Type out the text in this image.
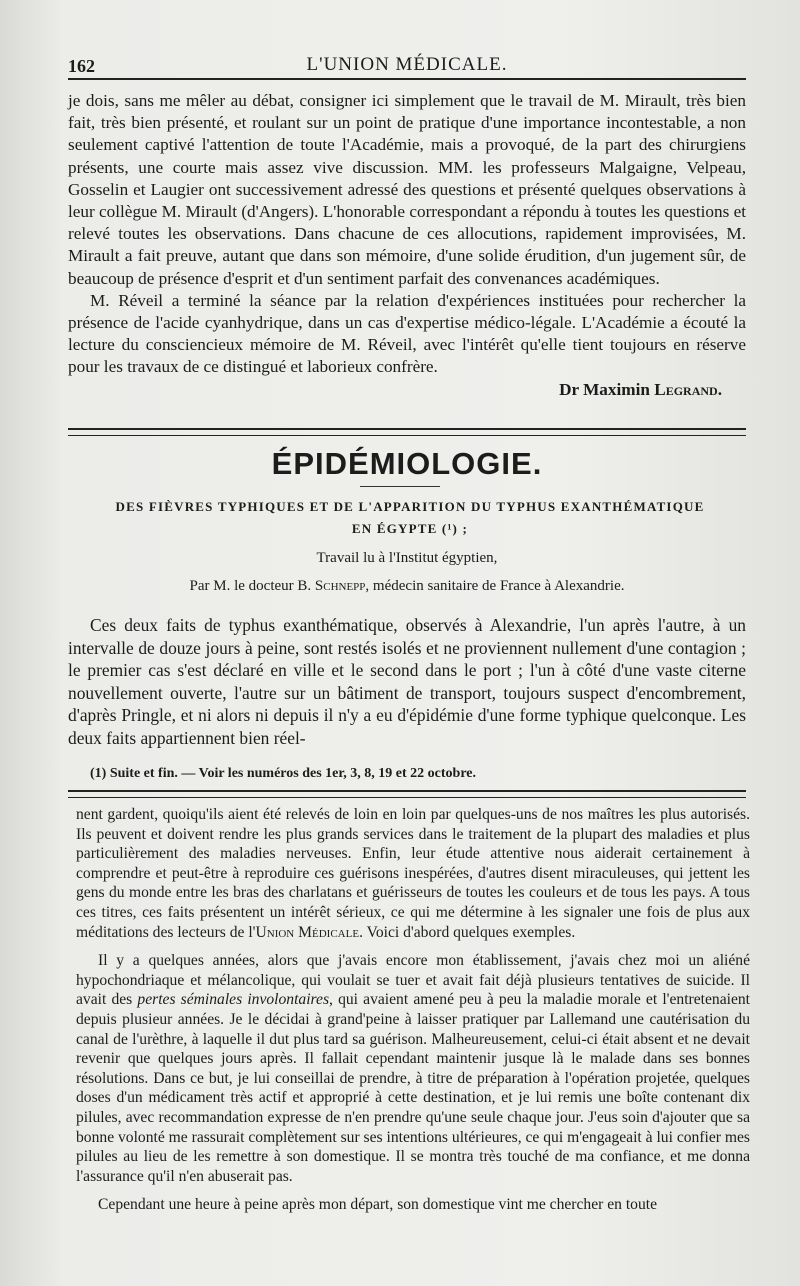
162	L'UNION MÉDICALE.

je dois, sans me mêler au débat, consigner ici simplement que le travail de M. Mirault, très bien fait, très bien présenté, et roulant sur un point de pratique d'une importance incontestable, a non seulement captivé l'attention de toute l'Académie, mais a provoqué, de la part des chirurgiens présents, une courte mais assez vive discussion. MM. les professeurs Malgaigne, Velpeau, Gosselin et Laugier ont successivement adressé des questions et présenté quelques observations à leur collègue M. Mirault (d'Angers). L'honorable correspondant a répondu à toutes les questions et relevé toutes les observations. Dans chacune de ces allocutions, rapidement improvisées, M. Mirault a fait preuve, autant que dans son mémoire, d'une solide érudition, d'un jugement sûr, de beaucoup de présence d'esprit et d'un sentiment parfait des convenances académiques.

M. Réveil a terminé la séance par la relation d'expériences instituées pour rechercher la présence de l'acide cyanhydrique, dans un cas d'expertise médico-légale. L'Académie a écouté la lecture du consciencieux mémoire de M. Réveil, avec l'intérêt qu'elle tient toujours en réserve pour les travaux de ce distingué et laborieux confrère.

Dr Maximin Legrand.

ÉPIDÉMIOLOGIE.
DES FIÈVRES TYPHIQUES ET DE L'APPARITION DU TYPHUS EXANTHÉMATIQUE
EN ÉGYPTE (¹) ;
Travail lu à l'Institut égyptien,
Par M. le docteur B. Schnepp, médecin sanitaire de France à Alexandrie.

Ces deux faits de typhus exanthématique, observés à Alexandrie, l'un après l'autre, à un intervalle de douze jours à peine, sont restés isolés et ne proviennent nullement d'une contagion ; le premier cas s'est déclaré en ville et le second dans le port ; l'un à côté d'une vaste citerne nouvellement ouverte, l'autre sur un bâtiment de transport, toujours suspect d'encombrement, d'après Pringle, et ni alors ni depuis il n'y a eu d'épidémie d'une forme typhique quelconque. Les deux faits appartiennent bien réel-

(1) Suite et fin. — Voir les numéros des 1er, 3, 8, 19 et 22 octobre.

nent gardent, quoiqu'ils aient été relevés de loin en loin par quelques-uns de nos maîtres les plus autorisés. Ils peuvent et doivent rendre les plus grands services dans le traitement de la plupart des maladies et plus particulièrement des maladies nerveuses. Enfin, leur étude attentive nous aiderait certainement à comprendre et peut-être à reproduire ces guérisons inespérées, d'autres disent miraculeuses, qui jettent les gens du monde entre les bras des charlatans et guérisseurs de toutes les couleurs et de tous les pays. A tous ces titres, ces faits présentent un intérêt sérieux, ce qui me détermine à les signaler une fois de plus aux méditations des lecteurs de l'Union Médicale. Voici d'abord quelques exemples.

Il y a quelques années, alors que j'avais encore mon établissement, j'avais chez moi un aliéné hypochondriaque et mélancolique, qui voulait se tuer et avait fait déjà plusieurs tentatives de suicide. Il avait des pertes séminales involontaires, qui avaient amené peu à peu la maladie morale et l'entretenaient depuis plusieur années. Je le décidai à grand'peine à laisser pratiquer par Lallemand une cautérisation du canal de l'urèthre, à laquelle il dut plus tard sa guérison. Malheureusement, celui-ci était absent et ne devait revenir que quelques jours après. Il fallait cependant maintenir jusque là le malade dans ses bonnes résolutions. Dans ce but, je lui conseillai de prendre, à titre de préparation à l'opération projetée, quelques doses d'un médicament très actif et approprié à cette destination, et je lui remis une boîte contenant dix pilules, avec recommandation expresse de n'en prendre qu'une seule chaque jour. J'eus soin d'ajouter que sa bonne volonté me rassurait complètement sur ses intentions ultérieures, ce qui m'engageait à lui confier mes pilules au lieu de les remettre à son domestique. Il se montra très touché de ma confiance, et me donna l'assurance qu'il n'en abuserait pas.

Cependant une heure à peine après mon départ, son domestique vint me chercher en toute
